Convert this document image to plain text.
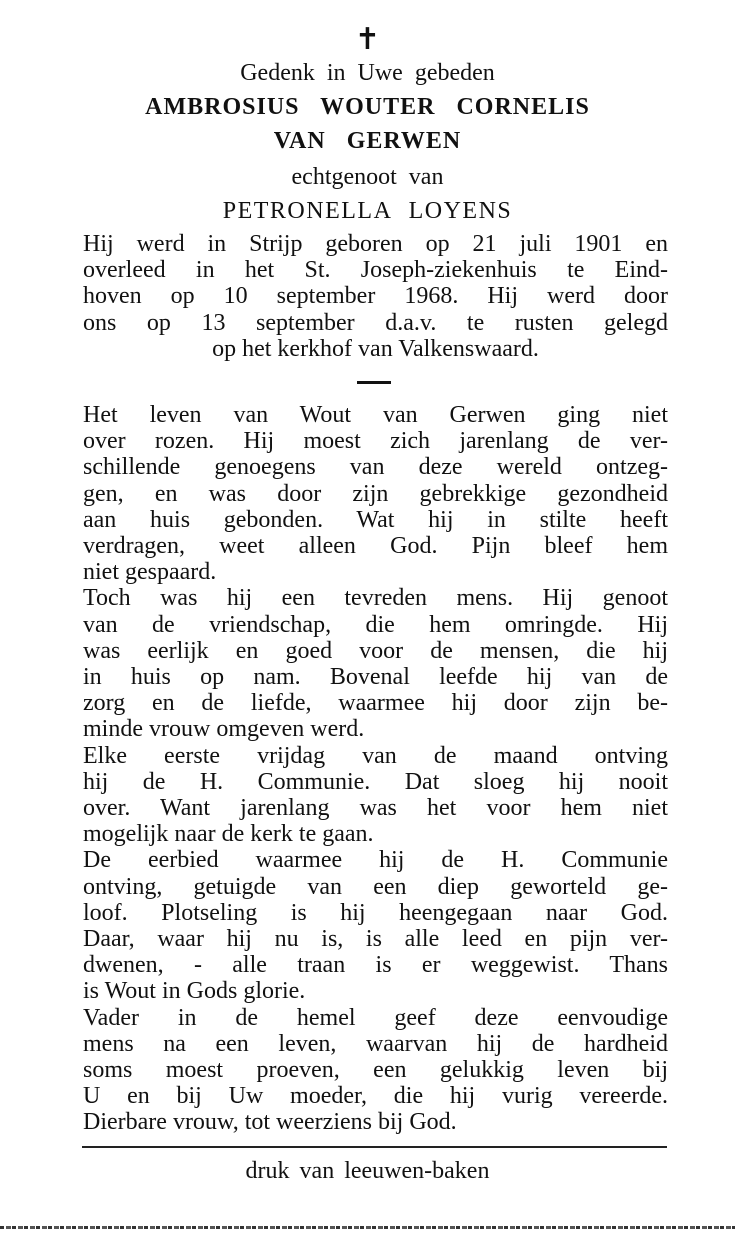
✝
Gedenk in Uwe gebeden
AMBROSIUS WOUTER CORNELIS
VAN GERWEN
echtgenoot van
PETRONELLA LOYENS
Hij werd in Strijp geboren op 21 juli 1901 en
overleed in het St. Joseph-ziekenhuis te Eind-
hoven op 10 september 1968. Hij werd door
ons op 13 september d.a.v. te rusten gelegd
op het kerkhof van Valkenswaard.
Het leven van Wout van Gerwen ging niet
over rozen. Hij moest zich jarenlang de ver-
schillende genoegens van deze wereld ontzeg-
gen, en was door zijn gebrekkige gezondheid
aan huis gebonden. Wat hij in stilte heeft
verdragen, weet alleen God. Pijn bleef hem
niet gespaard.
Toch was hij een tevreden mens. Hij genoot
van de vriendschap, die hem omringde. Hij
was eerlijk en goed voor de mensen, die hij
in huis op nam. Bovenal leefde hij van de
zorg en de liefde, waarmee hij door zijn be-
minde vrouw omgeven werd.
Elke eerste vrijdag van de maand ontving
hij de H. Communie. Dat sloeg hij nooit
over. Want jarenlang was het voor hem niet
mogelijk naar de kerk te gaan.
De eerbied waarmee hij de H. Communie
ontving, getuigde van een diep geworteld ge-
loof. Plotseling is hij heengegaan naar God.
Daar, waar hij nu is, is alle leed en pijn ver-
dwenen, - alle traan is er weggewist. Thans
is Wout in Gods glorie.
Vader in de hemel geef deze eenvoudige
mens na een leven, waarvan hij de hardheid
soms moest proeven, een gelukkig leven bij
U en bij Uw moeder, die hij vurig vereerde.
Dierbare vrouw, tot weerziens bij God.
druk van leeuwen-baken
